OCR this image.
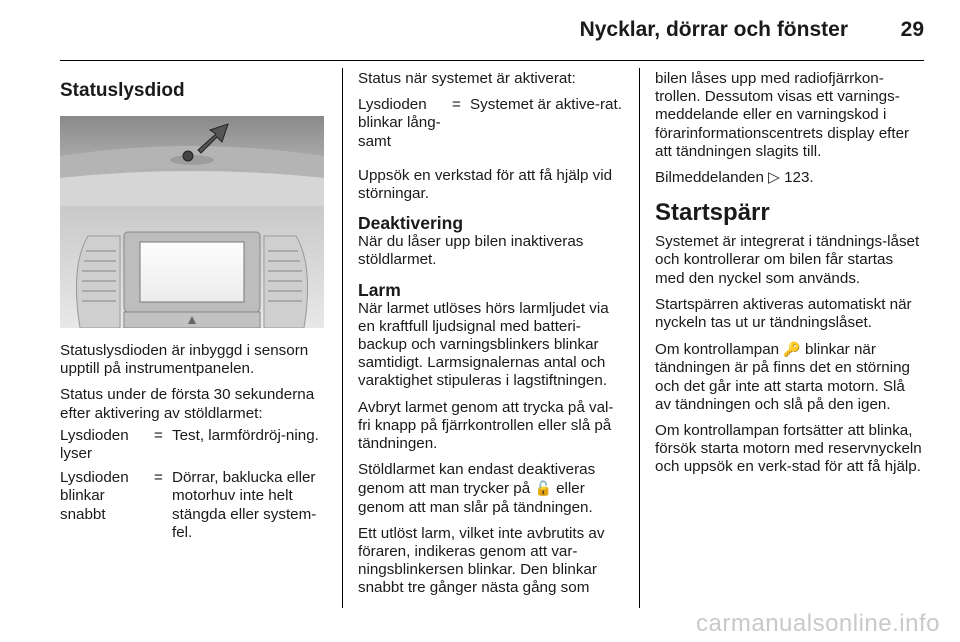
Nycklar, dörrar och fönster	29
Statuslysdiod

Statuslysdioden är inbyggd i sensorn upptill på instrumentpanelen.

Status under de första 30 sekunderna efter aktivering av stöldlarmet:

Lysdioden lyser
= Test, larmfördröj-ning.
Lysdioden blinkar snabbt
= Dörrar, baklucka eller motorhuv inte helt stängda eller system-fel.

Status när systemet är aktiverat:

Lysdioden blinkar lång-samt
= Systemet är aktive-rat.

Uppsök en verkstad för att få hjälp vid störningar.

Deaktivering

När du låser upp bilen inaktiveras stöldlarmet.

Larm

När larmet utlöses hörs larmljudet via en kraftfull ljudsignal med batteri-backup och varningsblinkers blinkar samtidigt. Larmsignalernas antal och varaktighet stipuleras i lagstiftningen.

Avbryt larmet genom att trycka på val-fri knapp på fjärrkontrollen eller slå på tändningen.

Stöldlarmet kan endast deaktiveras genom att man trycker på 🔓 eller genom att man slår på tändningen.

Ett utlöst larm, vilket inte avbrutits av föraren, indikeras genom att var-ningsblinkersen blinkar. Den blinkar snabbt tre gånger nästa gång som

bilen låses upp med radiofjärrkon-trollen. Dessutom visas ett varnings-meddelande eller en varningskod i förarinformationscentrets display efter att tändningen slagits till.

Bilmeddelanden ▷ 123.

Startspärr

Systemet är integrerat i tändnings-låset och kontrollerar om bilen får startas med den nyckel som används.

Startspärren aktiveras automatiskt när nyckeln tas ut ur tändningslåset.

Om kontrollampan 🔑 blinkar när tändningen är på finns det en störning och det går inte att starta motorn. Slå av tändningen och slå på den igen.

Om kontrollampan fortsätter att blinka, försök starta motorn med reservnyckeln och uppsök en verk-stad för att få hjälp.

carmanualsonline.info
